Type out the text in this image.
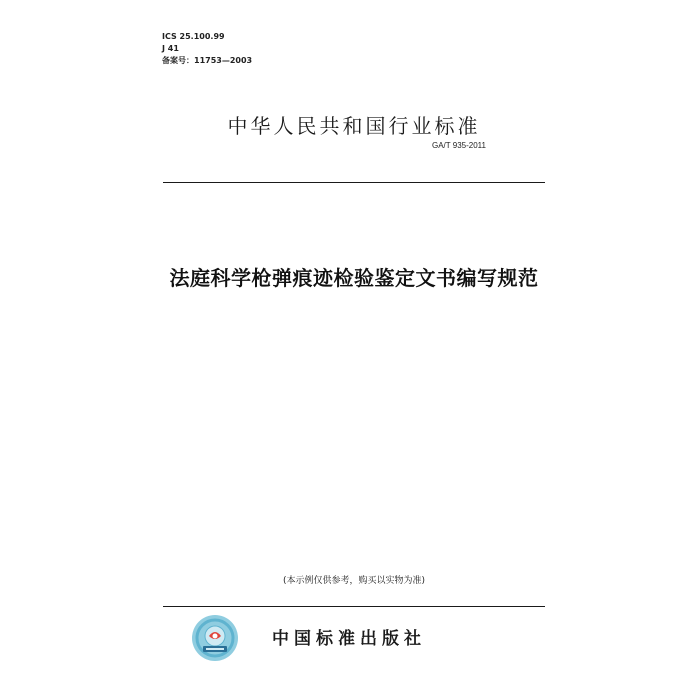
ICS 25.100.99
J 41
备案号：11753—2003
中华人民共和国行业标准
GA/T 935-2011
法庭科学枪弹痕迹检验鉴定文书编写规范
(本示例仅供参考，购买以实物为准)
中国标准出版社
